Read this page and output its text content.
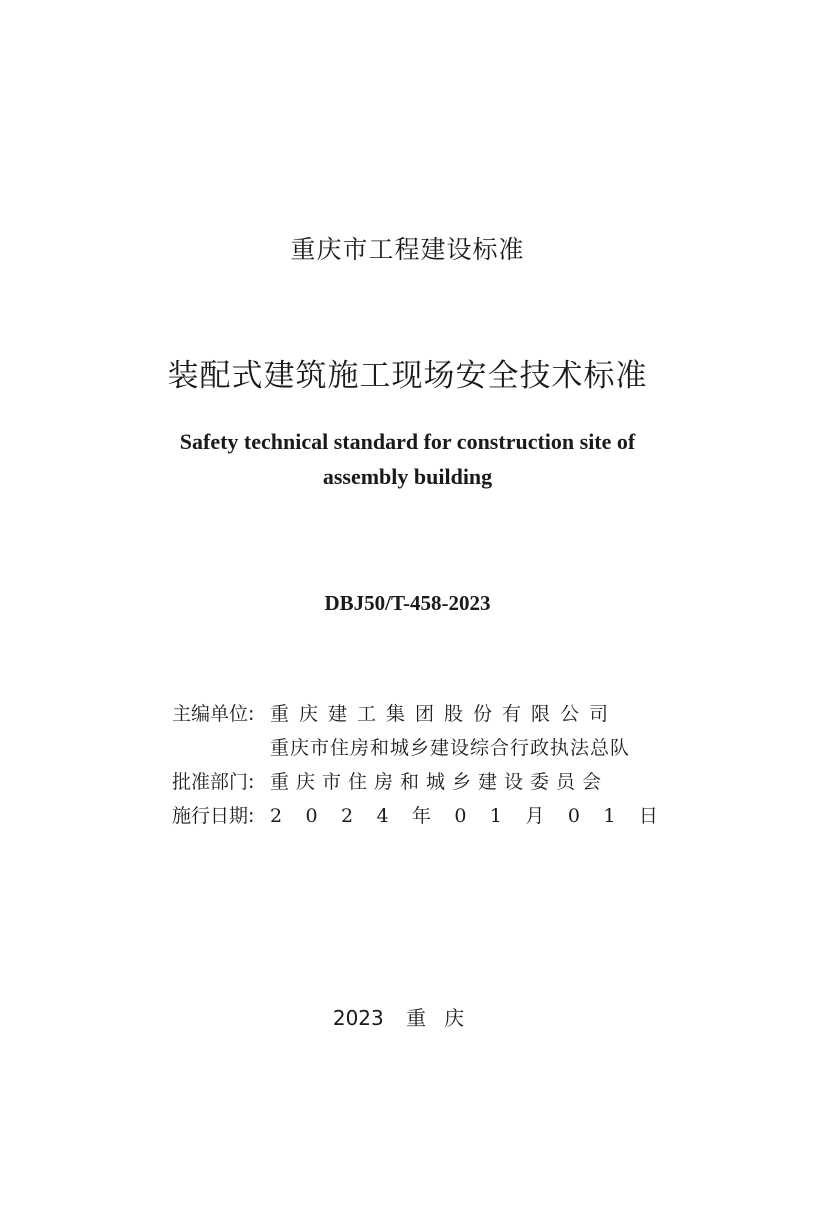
重庆市工程建设标准
装配式建筑施工现场安全技术标准
Safety technical standard for construction site of
assembly building
DBJ50/T-458-2023
主编单位: 重庆建工集团股份有限公司
重庆市住房和城乡建设综合行政执法总队
批准部门: 重庆市住房和城乡建设委员会
施行日期: 2 0 2 4 年 0 1 月 0 1 日
2023 重庆
